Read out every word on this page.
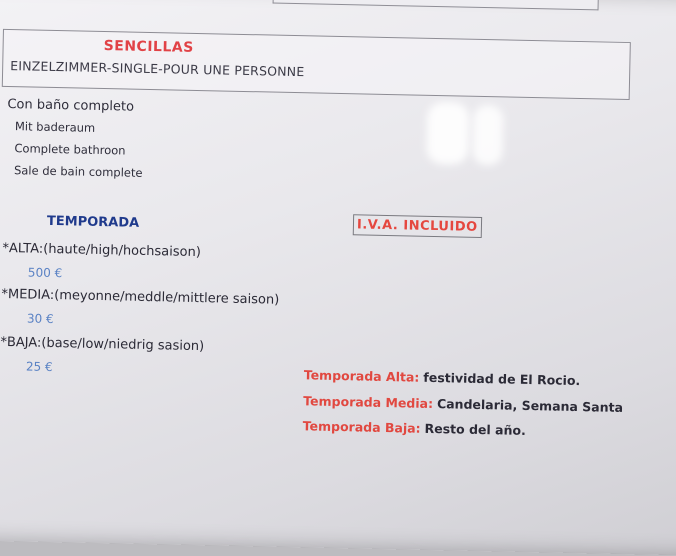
SENCILLAS
EINZELZIMMER-SINGLE-POUR UNE PERSONNE
Con baño completo
Mit baderaum
Complete bathroon
Sale de bain complete
TEMPORADA	I.V.A. INCLUIDO
*ALTA:(haute/high/hochsaison)
500 €
*MEDIA:(meyonne/meddle/mittlere saison)
30 €
*BAJA:(base/low/niedrig sasion)
25 €
Temporada Alta: festividad de El Rocio.
Temporada Media: Candelaria, Semana Santa
Temporada Baja: Resto del año.
